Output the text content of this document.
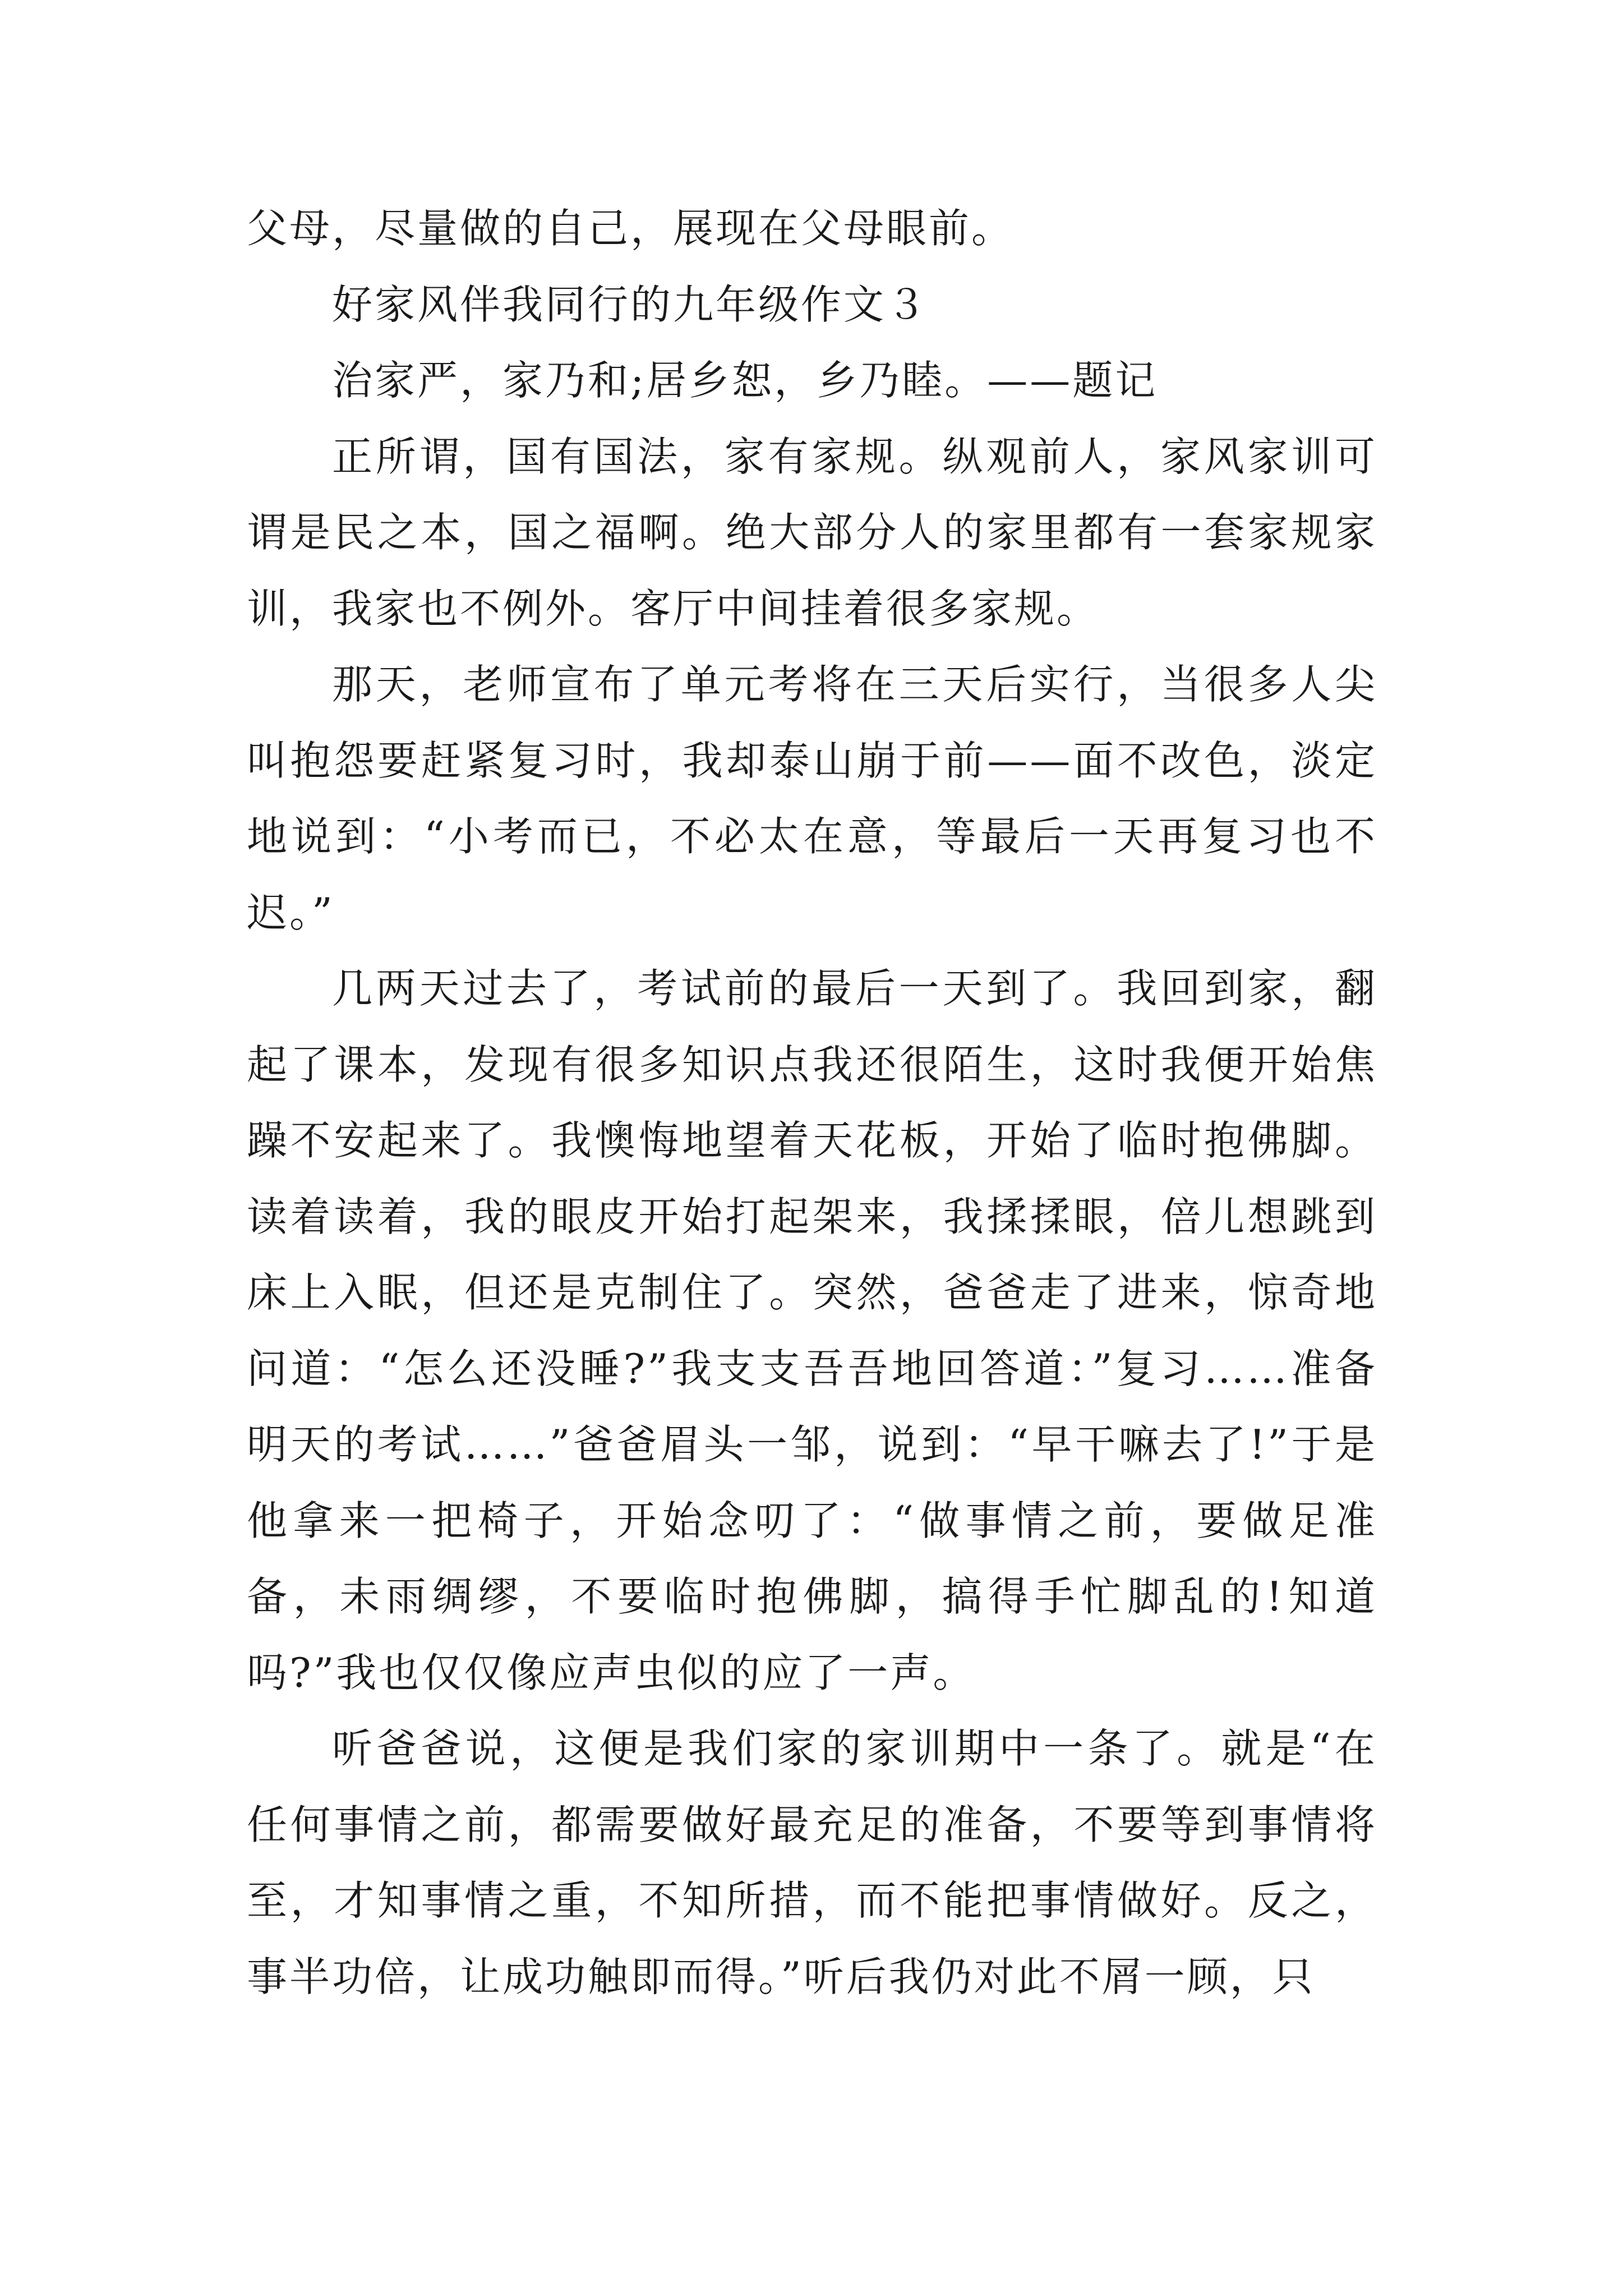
父母，尽量做的自己，展现在父母眼前。

好家风伴我同行的九年级作文３

治家严，家乃和;居乡恕，乡乃睦。——题记

正所谓，国有国法，家有家规。纵观前人，家风家训可谓是民之本，国之福啊。绝大部分人的家里都有一套家规家训，我家也不例外。客厅中间挂着很多家规。

那天，老师宣布了单元考将在三天后实行，当很多人尖叫抱怨要赶紧复习时，我却泰山崩于前——面不改色，淡定地说到：“小考而已，不必太在意，等最后一天再复习也不迟。”

几两天过去了，考试前的最后一天到了。我回到家，翻起了课本，发现有很多知识点我还很陌生，这时我便开始焦躁不安起来了。我懊悔地望着天花板，开始了临时抱佛脚。读着读着，我的眼皮开始打起架来，我揉揉眼，倍儿想跳到床上入眠，但还是克制住了。突然，爸爸走了进来，惊奇地问道：“怎么还没睡?”我支支吾吾地回答道：”复习……准备明天的考试……”爸爸眉头一邹，说到：“早干嘛去了!”于是他拿来一把椅子，开始念叨了：“做事情之前，要做足准备，未雨绸缪，不要临时抱佛脚，搞得手忙脚乱的!知道吗?”我也仅仅像应声虫似的应了一声。

听爸爸说，这便是我们家的家训期中一条了。就是“在任何事情之前，都需要做好最充足的准备，不要等到事情将至，才知事情之重，不知所措，而不能把事情做好。反之，事半功倍，让成功触即而得。”听后我仍对此不屑一顾，只
